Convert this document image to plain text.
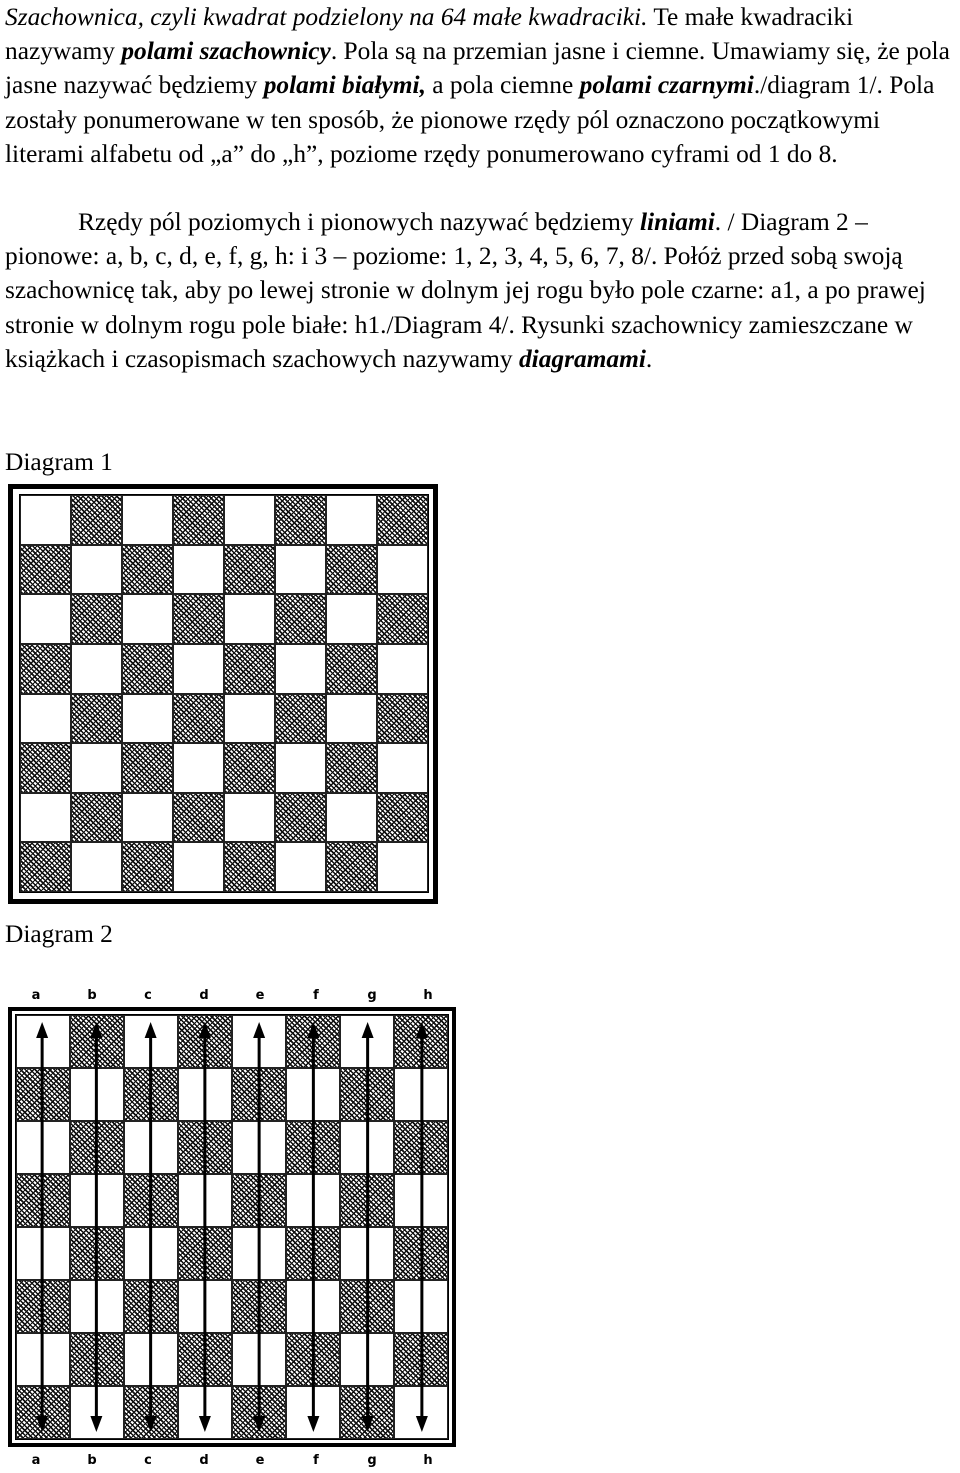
Szachownica, czyli kwadrat podzielony na 64 małe kwadraciki. Te małe kwadraciki nazywamy polami szachownicy. Pola są na przemian jasne i ciemne. Umawiamy się, że pola jasne nazywać będziemy polami białymi, a pola ciemne polami czarnymi./diagram 1/. Pola zostały ponumerowane w ten sposób, że pionowe rzędy pól oznaczono początkowymi literami alfabetu od „a” do „h”, poziome rzędy ponumerowano cyframi od 1 do 8.

Rzędy pól poziomych i pionowych nazywać będziemy liniami. / Diagram 2 – pionowe: a, b, c, d, e, f, g, h: i 3 – poziome: 1, 2, 3, 4, 5, 6, 7, 8/. Połóż przed sobą swoją szachownicę tak, aby po lewej stronie w dolnym jej rogu było pole czarne: a1, a po prawej stronie w dolnym rogu pole białe: h1./Diagram 4/. Rysunki szachownicy zamieszczane w książkach i czasopismach szachowych nazywamy diagramami.

Diagram 1
Diagram 2
a	b	c	d	e	f	g	h
a	b	c	d	e	f	g	h
